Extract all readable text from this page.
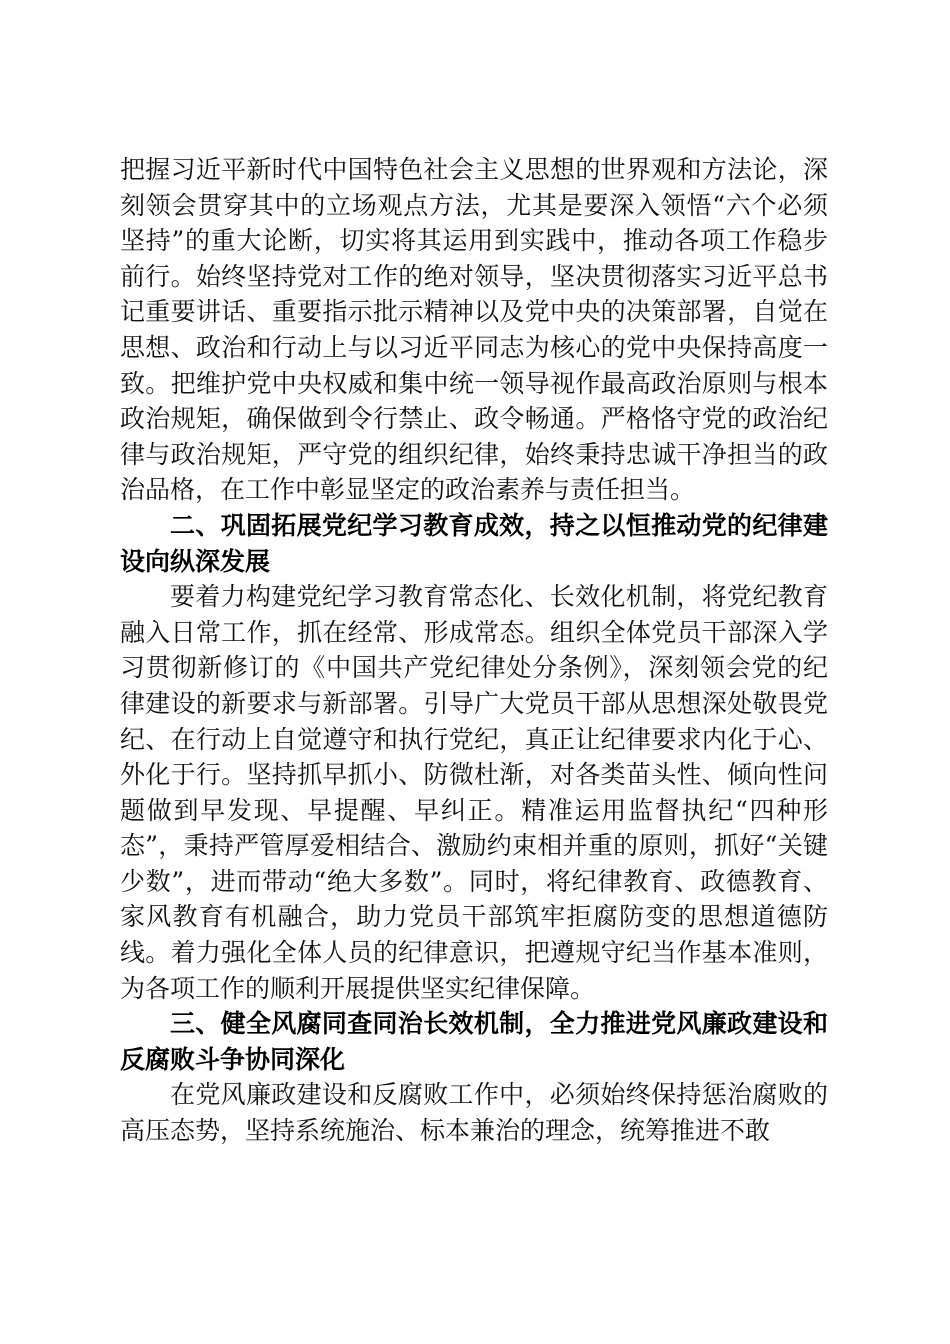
把握习近平新时代中国特色社会主义思想的世界观和方法论，深刻领会贯穿其中的立场观点方法，尤其是要深入领悟“六个必须坚持”的重大论断，切实将其运用到实践中，推动各项工作稳步前行。始终坚持党对工作的绝对领导，坚决贯彻落实习近平总书记重要讲话、重要指示批示精神以及党中央的决策部署，自觉在思想、政治和行动上与以习近平同志为核心的党中央保持高度一致。把维护党中央权威和集中统一领导视作最高政治原则与根本政治规矩，确保做到令行禁止、政令畅通。严格恪守党的政治纪律与政治规矩，严守党的组织纪律，始终秉持忠诚干净担当的政治品格，在工作中彰显坚定的政治素养与责任担当。

二、巩固拓展党纪学习教育成效，持之以恒推动党的纪律建设向纵深发展

要着力构建党纪学习教育常态化、长效化机制，将党纪教育融入日常工作，抓在经常、形成常态。组织全体党员干部深入学习贯彻新修订的《中国共产党纪律处分条例》，深刻领会党的纪律建设的新要求与新部署。引导广大党员干部从思想深处敬畏党纪、在行动上自觉遵守和执行党纪，真正让纪律要求内化于心、外化于行。坚持抓早抓小、防微杜渐，对各类苗头性、倾向性问题做到早发现、早提醒、早纠正。精准运用监督执纪“四种形态”，秉持严管厚爱相结合、激励约束相并重的原则，抓好“关键少数”，进而带动“绝大多数”。同时，将纪律教育、政德教育、家风教育有机融合，助力党员干部筑牢拒腐防变的思想道德防线。着力强化全体人员的纪律意识，把遵规守纪当作基本准则，为各项工作的顺利开展提供坚实纪律保障。

三、健全风腐同查同治长效机制，全力推进党风廉政建设和反腐败斗争协同深化

在党风廉政建设和反腐败工作中，必须始终保持惩治腐败的高压态势，坚持系统施治、标本兼治的理念，统筹推进不敢
